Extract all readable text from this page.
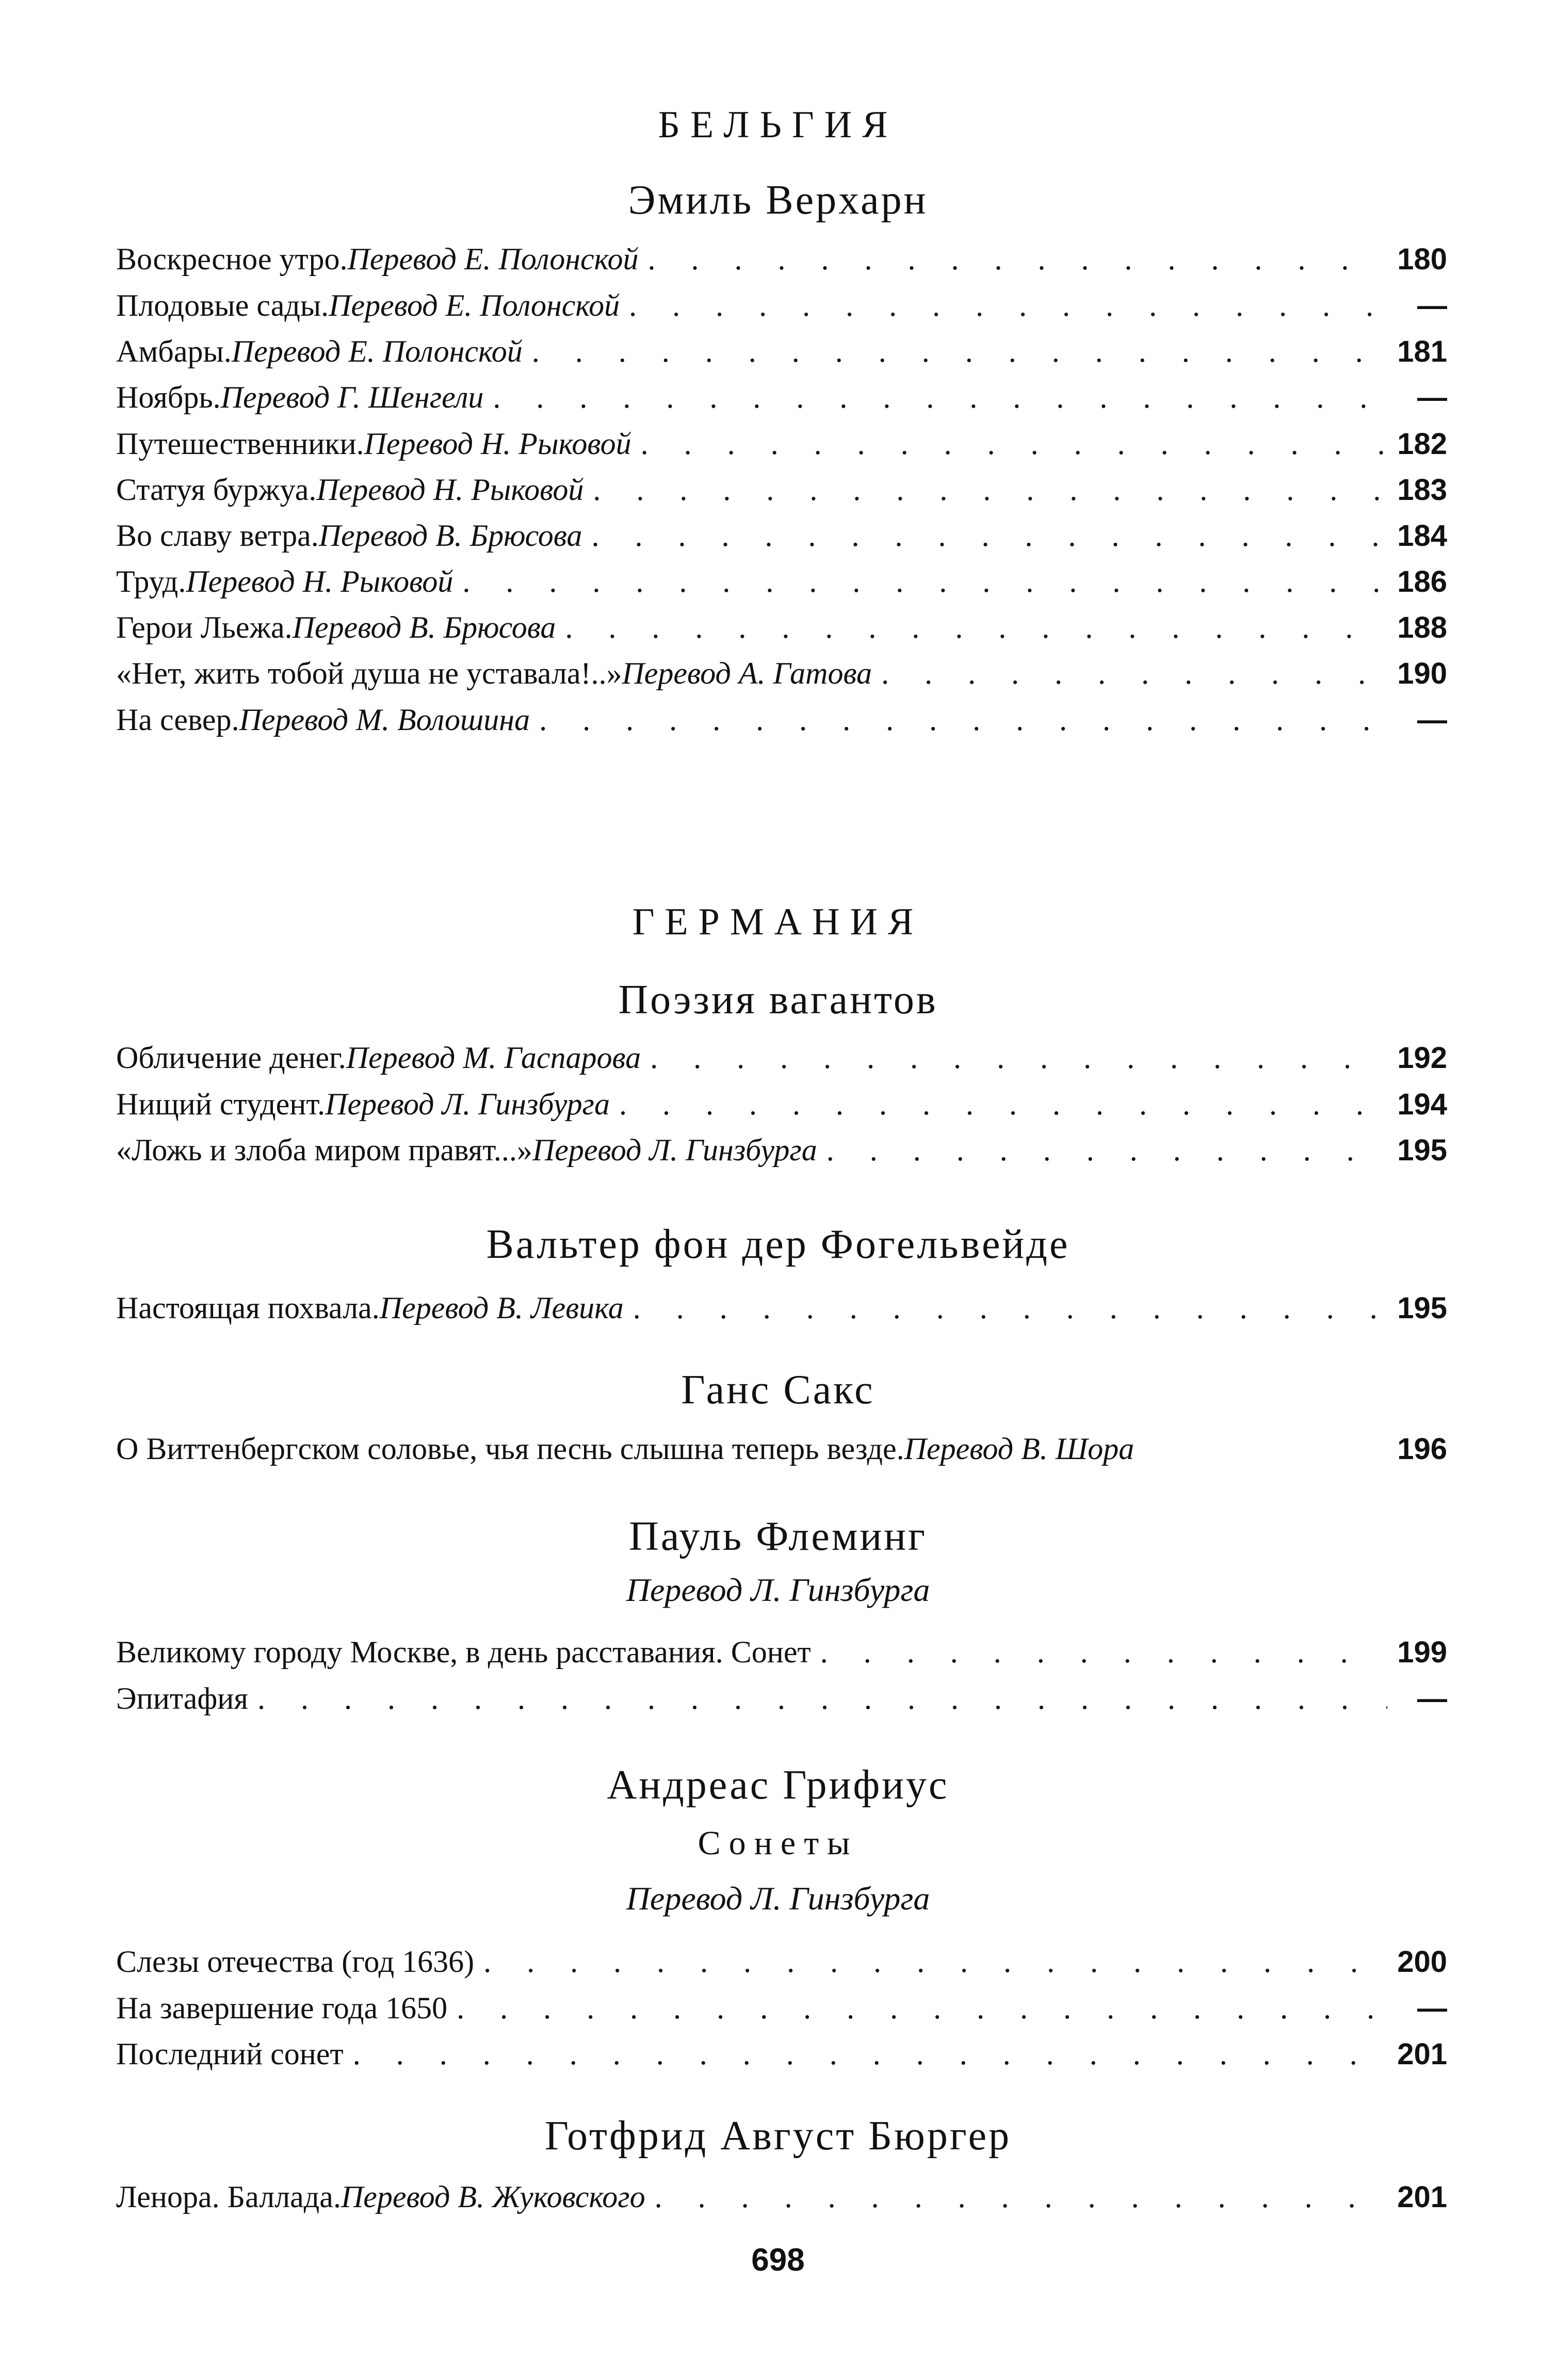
БЕЛЬГИЯ
Эмиль Верхарн
Воскресное утро. Перевод Е. Полонской . . .	180
Плодовые сады. Перевод Е. Полонской . . .	—
Амбары. Перевод Е. Полонской . . .	181
Ноябрь. Перевод Г. Шенгели . . .	—
Путешественники. Перевод Н. Рыковой . . .	182
Статуя буржуа. Перевод Н. Рыковой . . .	183
Во славу ветра. Перевод В. Брюсова . . .	184
Труд. Перевод Н. Рыковой . . .	186
Герои Льежа. Перевод В. Брюсова . . .	188
«Нет, жить тобой душа не уставала!..» Перевод А. Гатова . . .	190
На север. Перевод М. Волошина . . .	—
ГЕРМАНИЯ
Поэзия вагантов
Обличение денег. Перевод М. Гаспарова . . .	192
Нищий студент. Перевод Л. Гинзбурга . . .	194
«Ложь и злоба миром правят...» Перевод Л. Гинзбурга . . .	195
Вальтер фон дер Фогельвейде
Настоящая похвала. Перевод В. Левика . . .	195
Ганс Сакс
О Виттенбергском соловье, чья песнь слышна теперь везде. Перевод В. Шора	196
Пауль Флеминг
Перевод Л. Гинзбурга
Великому городу Москве, в день расставания. Сонет . . .	199
Эпитафия . . .	—
Андреас Грифиус
Сонеты
Перевод Л. Гинзбурга
Слезы отечества (год 1636) . . .	200
На завершение года 1650 . . .	—
Последний сонет . . .	201
Готфрид Август Бюргер
Ленора. Баллада. Перевод В. Жуковского . . .	201
698
